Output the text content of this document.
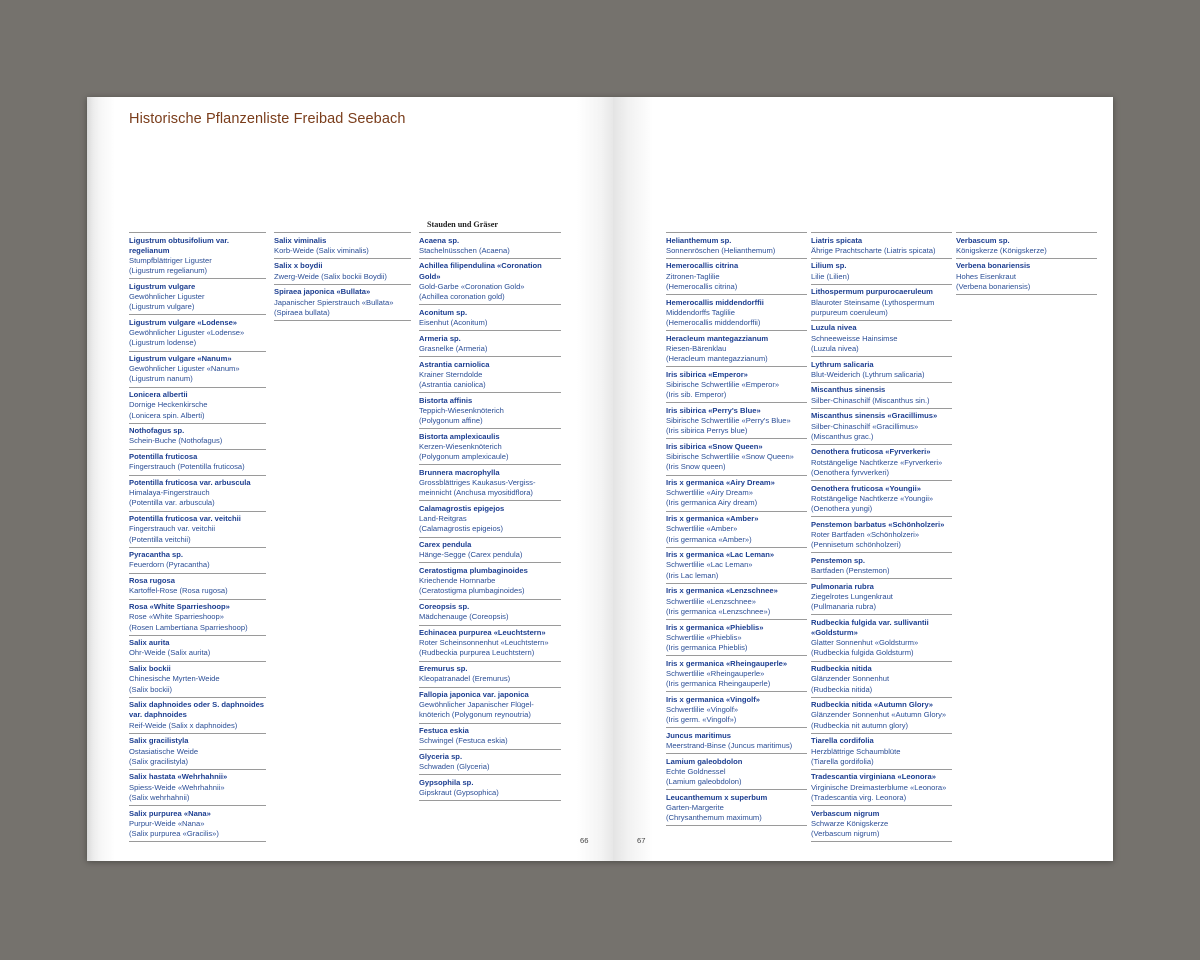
Historische Pflanzenliste Freibad Seebach
Stauden und Gräser
Ligustrum obtusifolium var. regelianum
Stumpfblättriger Liguster
(Ligustrum regelianum)
Ligustrum vulgare
Gewöhnlicher Liguster
(Ligustrum vulgare)
Ligustrum vulgare «Lodense»
Gewöhnlicher Liguster «Lodense»
(Ligustrum lodense)
Ligustrum vulgare «Nanum»
Gewöhnlicher Liguster «Nanum»
(Ligustrum nanum)
Lonicera albertii
Dornige Heckenkirsche
(Lonicera spin. Alberti)
Nothofagus sp.
Schein-Buche (Nothofagus)
Potentilla fruticosa
Fingerstrauch (Potentilla fruticosa)
Potentilla fruticosa var. arbuscula
Himalaya-Fingerstrauch
(Potentilla var. arbuscula)
Potentilla fruticosa var. veitchii
Fingerstrauch var. veitchii
(Potentilla veitchii)
Pyracantha sp.
Feuerdorn (Pyracantha)
Rosa rugosa
Kartoffel-Rose (Rosa rugosa)
Rosa «White Sparrieshoop»
Rose «White Sparrieshoop»
(Rosen Lambertiana Sparrieshoop)
Salix aurita
Ohr-Weide (Salix aurita)
Salix bockii
Chinesische Myrten-Weide
(Salix bockii)
Salix daphnoides oder S. daphnoides var. daphnoides
Reif-Weide (Salix x daphnoides)
Salix gracilistyla
Ostasiatische Weide
(Salix gracilistyla)
Salix hastata «Wehrhahnii»
Spiess-Weide «Wehrhahnii»
(Salix wehrhahnii)
Salix purpurea «Nana»
Purpur-Weide «Nana»
(Salix purpurea «Gracilis»)
Salix viminalis
Korb-Weide (Salix viminalis)
Salix x boydii
Zwerg-Weide (Salix bockii Boydii)
Spiraea japonica «Bullata»
Japanischer Spierstrauch «Bullata»
(Spiraea bullata)
Acaena sp.
Stachelnüsschen (Acaena)
Achillea filipendulina «Coronation Gold»
Gold-Garbe «Coronation Gold»
(Achillea coronation gold)
Aconitum sp.
Eisenhut (Aconitum)
Armeria sp.
Grasnelke (Armeria)
Astrantia carniolica
Krainer Sterndolde
(Astrantia caniolica)
Bistorta affinis
Teppich-Wiesenknöterich
(Polygonum affine)
Bistorta amplexicaulis
Kerzen-Wiesenknöterich
(Polygonum amplexicaule)
Brunnera macrophylla
Grossblättriges Kaukasus-Vergiss- meinnicht (Anchusa myositidflora)
Calamagrostis epigejos
Land-Reitgras
(Calamagrostis epigeios)
Carex pendula
Hänge-Segge (Carex pendula)
Ceratostigma plumbaginoides
Kriechende Hornnarbe
(Ceratostigma plumbaginoides)
Coreopsis sp.
Mädchenauge (Coreopsis)
Echinacea purpurea «Leuchtstern»
Roter Scheinsonnenhut «Leuchtstern»
(Rudbeckia purpurea Leuchtstern)
Eremurus sp.
Kleopatranadel (Eremurus)
Fallopia japonica var. japonica
Gewöhnlicher Japanischer Flügel- knöterich (Polygonum reynoutria)
Festuca eskia
Schwingel (Festuca eskia)
Glyceria sp.
Schwaden (Glyceria)
Gypsophila sp.
Gipskraut (Gypsophica)
Helianthemum sp.
Sonnenröschen (Helianthemum)
Hemerocallis citrina
Zitronen-Taglilie
(Hemerocallis citrina)
Hemerocallis middendorffii
Middendorffs Taglilie
(Hemerocallis middendorffii)
Heracleum mantegazzianum
Riesen-Bärenklau
(Heracleum mantegazzianum)
Iris sibirica «Emperor»
Sibirische Schwertlilie «Emperor»
(Iris sib. Emperor)
Iris sibirica «Perry's Blue»
Sibirische Schwertlilie «Perry's Blue»
(Iris sibirica Perrys blue)
Iris sibirica «Snow Queen»
Sibirische Schwertlilie «Snow Queen»
(Iris Snow queen)
Iris x germanica «Airy Dream»
Schwertlilie «Airy Dream»
(Iris germanica Airy dream)
Iris x germanica «Amber»
Schwertlilie «Amber»
(Iris germanica «Amber»)
Iris x germanica «Lac Leman»
Schwertlilie «Lac Leman»
(Iris Lac leman)
Iris x germanica «Lenzschnee»
Schwertlilie «Lenzschnee»
(Iris germanica «Lenzschnee»)
Iris x germanica «Phieblis»
Schwertlilie «Phieblis»
(Iris germanica Phieblis)
Iris x germanica «Rheingauperle»
Schwertlilie «Rheingauperle»
(Iris germanica Rheingauperle)
Iris x germanica «Vingolf»
Schwertlilie «Vingolf»
(Iris germ. «Vingolf»)
Juncus maritimus
Meerstrand-Binse (Juncus maritimus)
Lamium galeobdolon
Echte Goldnessel
(Lamium galeobdolon)
Leucanthemum x superbum
Garten-Margerite
(Chrysanthemum maximum)
Liatris spicata
Ährige Prachtscharte (Liatris spicata)
Lilium sp.
Lilie (Lilien)
Lithospermum purpurocaeruleum
Blauroter Steinsame (Lythospermum
purpureum coeruleum)
Luzula nivea
Schneeweisse Hainsimse
(Luzula nivea)
Lythrum salicaria
Blut-Weiderich (Lythrum salicaria)
Miscanthus sinensis
Silber-Chinaschilf (Miscanthus sin.)
Miscanthus sinensis «Gracillimus»
Silber-Chinaschilf «Gracillimus»
(Miscanthus grac.)
Oenothera fruticosa «Fyrverkeri»
Rotstängelige Nachtkerze «Fyrverkeri»
(Oenothera fyrvverkeri)
Oenothera fruticosa «Youngii»
Rotstängelige Nachtkerze «Youngii»
(Oenothera yungi)
Penstemon barbatus «Schönholzeri»
Roter Bartfaden «Schönholzeri»
(Pennisetum schönholzeri)
Penstemon sp.
Bartfaden (Penstemon)
Pulmonaria rubra
Ziegelrotes Lungenkraut
(Pullmanaria rubra)
Rudbeckia fulgida var. sullivantii «Goldsturm»
Glatter Sonnenhut «Goldsturm»
(Rudbeckia fulgida Goldsturm)
Rudbeckia nitida
Glänzender Sonnenhut
(Rudbeckia nitida)
Rudbeckia nitida «Autumn Glory»
Glänzender Sonnenhut «Autumn Glory» (Rudbeckia nit autumn glory)
Tiarella cordifolia
Herzblättrige Schaumblüte
(Tiarella gordifolia)
Tradescantia virginiana «Leonora»
Virginische Dreimasterblume «Leonora»
(Tradescantia virg. Leonora)
Verbascum nigrum
Schwarze Königskerze
(Verbascum nigrum)
Verbascum sp.
Königskerze (Königskerze)
Verbena bonariensis
Hohes Eisenkraut
(Verbena bonariensis)
66	67
